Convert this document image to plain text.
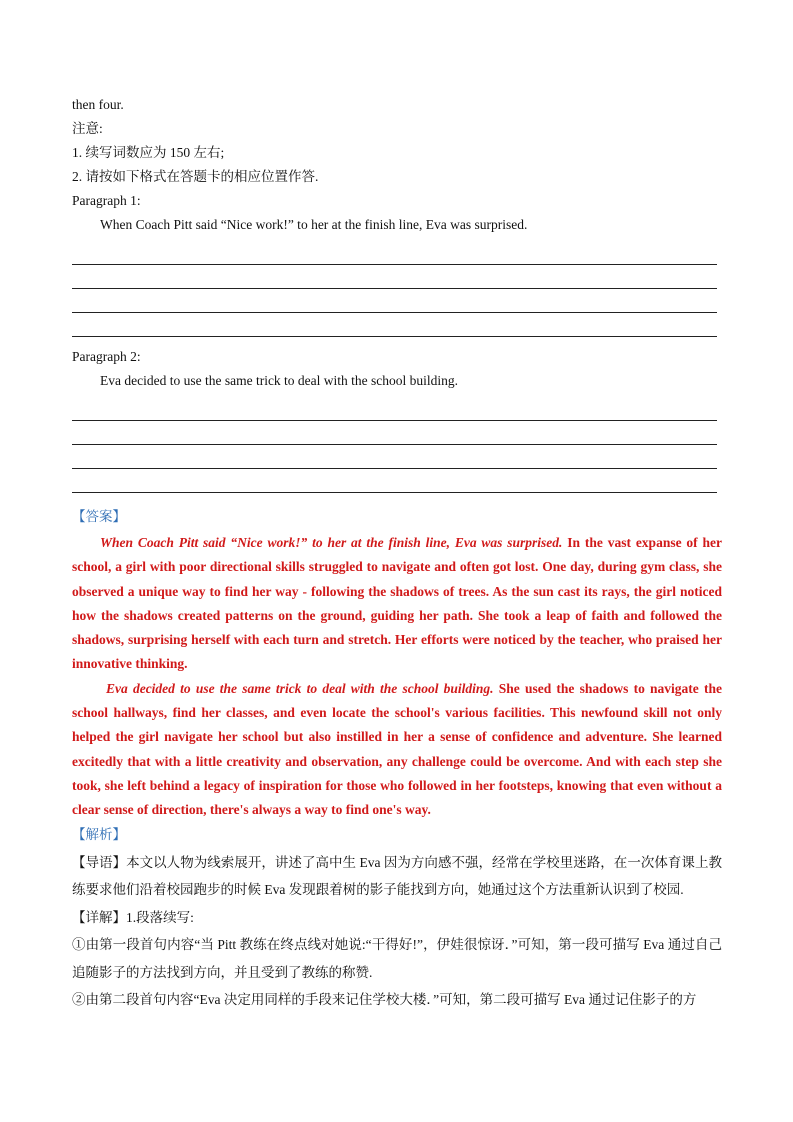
then four.

注意:

1. 续写词数应为 150 左右;

2. 请按如下格式在答题卡的相应位置作答.

Paragraph 1:

When Coach Pitt said “Nice work!” to her at the finish line, Eva was surprised.

Paragraph 2:

Eva decided to use the same trick to deal with the school building.

【答案】

When Coach Pitt said “Nice work!” to her at the finish line, Eva was surprised. In the vast expanse of her school, a girl with poor directional skills struggled to navigate and often got lost. One day, during gym class, she observed a unique way to find her way - following the shadows of trees. As the sun cast its rays, the girl noticed how the shadows created patterns on the ground, guiding her path. She took a leap of faith and followed the shadows, surprising herself with each turn and stretch. Her efforts were noticed by the teacher, who praised her innovative thinking.

Eva decided to use the same trick to deal with the school building. She used the shadows to navigate the school hallways, find her classes, and even locate the school's various facilities. This newfound skill not only helped the girl navigate her school but also instilled in her a sense of confidence and adventure. She learned excitedly that with a little creativity and observation, any challenge could be overcome. And with each step she took, she left behind a legacy of inspiration for those who followed in her footsteps, knowing that even without a clear sense of direction, there's always a way to find one's way.

【解析】

【导语】本文以人物为线索展开，讲述了高中生 Eva 因为方向感不强，经常在学校里迷路，在一次体育课上教练要求他们沿着校园跑步的时候 Eva 发现跟着树的影子能找到方向，她通过这个方法重新认识到了校园.

【详解】1.段落续写:

①由第一段首句内容“当 Pitt 教练在终点线对她说:“干得好!”，伊娃很惊讶．”可知，第一段可描写 Eva 通过自己追随影子的方法找到方向，并且受到了教练的称赞.

②由第二段首句内容“Eva 决定用同样的手段来记住学校大楼．”可知，第二段可描写 Eva 通过记住影子的方
